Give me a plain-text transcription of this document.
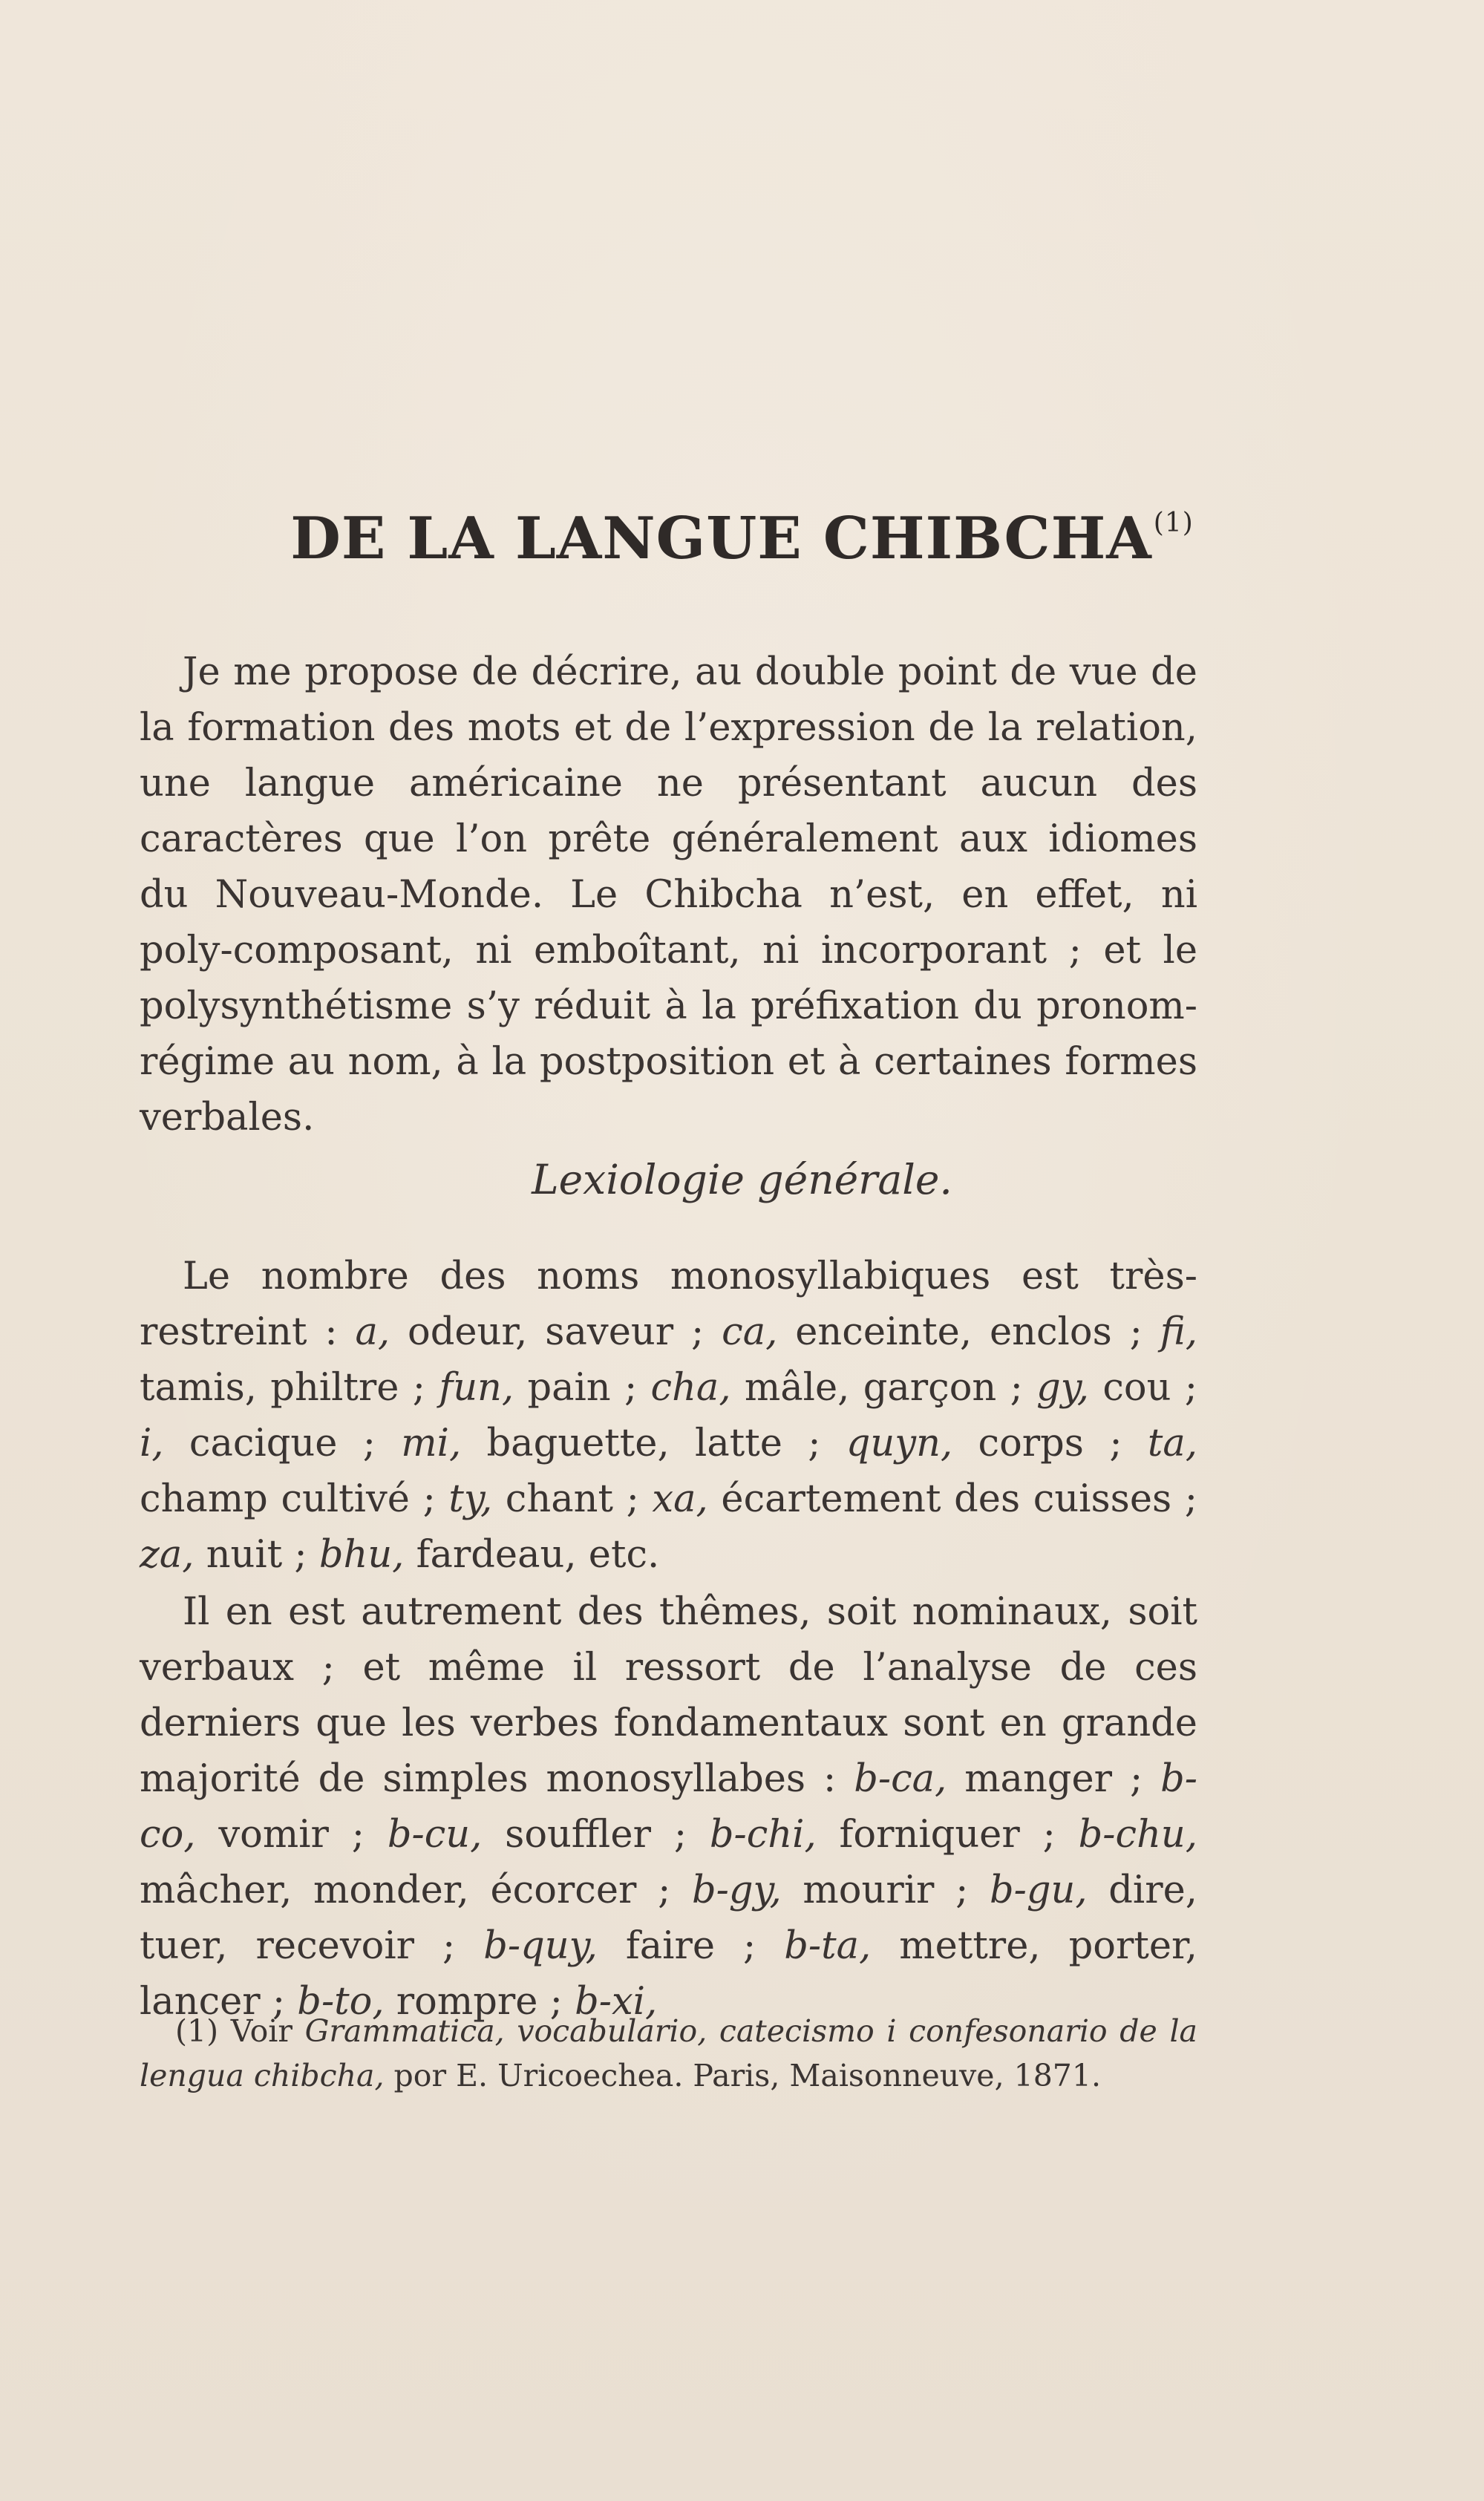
DE LA LANGUE CHIBCHA$^{(1)}$
Je me propose de décrire, au double point de vue de la formation des mots et de l’expression de la relation, une langue américaine ne présentant aucun des caractères que l’on prête généralement aux idiomes du Nouveau-Monde. Le Chibcha n’est, en effet, ni poly-composant, ni emboîtant, ni incorporant ; et le polysynthétisme s’y réduit à la préfixation du pronom-régime au nom, à la postposition et à certaines formes verbales.
Lexiologie générale.
Le nombre des noms monosyllabiques est très-restreint : a, odeur, saveur ; ca, enceinte, enclos ; fi, tamis, philtre ; fun, pain ; cha, mâle, garçon ; gy, cou ; i, cacique ; mi, baguette, latte ; quyn, corps ; ta, champ cultivé ; ty, chant ; xa, écartement des cuisses ; za, nuit ; bhu, fardeau, etc.
Il en est autrement des thêmes, soit nominaux, soit verbaux ; et même il ressort de l’analyse de ces derniers que les verbes fondamentaux sont en grande majorité de simples monosyllabes : b-ca, manger ; b-co, vomir ; b-cu, souffler ; b-chi, forniquer ; b-chu, mâcher, monder, écorcer ; b-gy, mourir ; b-gu, dire, tuer, recevoir ; b-quy, faire ; b-ta, mettre, porter, lancer ; b-to, rompre ; b-xi,
(1) Voir Grammatica, vocabulario, catecismo i confesonario de la lengua chibcha, por E. Uricoechea. Paris, Maisonneuve, 1871.
